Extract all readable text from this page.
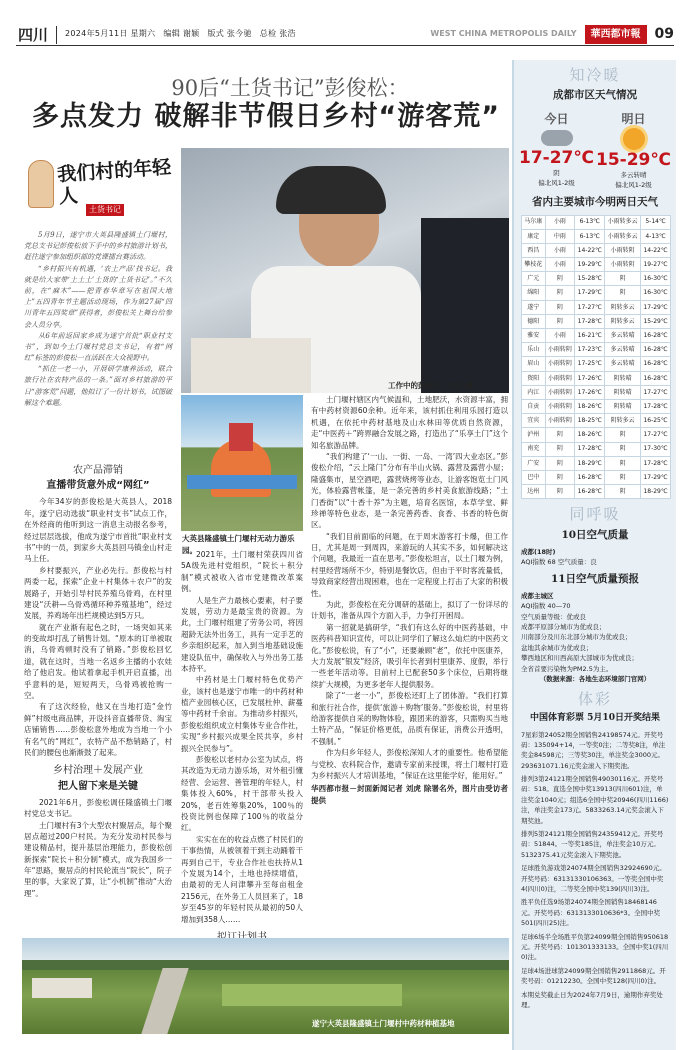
四川	2024年5月11日 星期六 编辑 谢颖 版式 张今驰 总检 张浩	WEST CHINA METROPOLIS DAILY	華西都市報	09
90后“土货书记”彭俊松：
多点发力 破解非节假日乡村“游客荒”
我们村的年轻人
土货书记

5月9日，遂宁市大英县隆盛镇土门堰村，党总支书记彭俊松放下手中的乡村旅游计划书，赶往遂宁参加组织部的党课擂台赛活动。

“乡村振兴有机遇，‘农土产品’找书记。我就是给大家带‘土土土’土货的‘土货书记’。”不久前，在“麻木”——把青春华章写在祖国大地上”五四青年节主题活动现场，作为第27届“四川青年五四奖章”获得者，彭俊松关上舞台给参会人员分享。

从6年前返回家乡成为遂宁首批“职业村支书”，到如今土门堰村党总支书记，有着“网红”标签的彭俊松一直活跃在大众视野中。

“抓住一老一小，开展研学康养活动，联合旅行社在农特产品的一条。”面对乡村旅游的平日“游客荒”问题，他拟订了一份计划书，试图破解这个难题。

农产品滞销
直播带货意外成“网红”

今年34岁的彭俊松是大英县人，2018年，遂宁启动选拔“职业村支书”试点工作，在外经商的他听到这一消息主动报名参考，经过层层选拔，他成为遂宁市首批“职业村支书”中的一员，到家乡大英县回马镇金山村走马上任。

乡村要振兴，产业必先行。彭俊松与村两委一起，探索“企业＋村集体＋农户”的发展路子，开始引导村民养殖乌骨鸡，在村里建设“沃耕—乌骨鸡循环种养殖基地”，经过发展，养鸡场年出栏规模达到5万只。

就在产业渐有起色之时，一场突如其来的变故却打乱了销售计划。“原本的订单被取消，乌骨鸡顿时没有了销路。”彭俊松回忆道，就在这时，当地一名返乡主播的小农娃给了他启发。他试着拿起手机开启直播，出乎意料的是，短短两天，乌骨鸡被抢购一空。

有了这次经验，他又在当地打造“金竹鲜”村级电商品牌，开设抖音直播带货、淘宝店铺销售……彭俊松意外地成为当地一个小有名气的“网红”，农特产品不愁销路了，村民们的腰包也渐渐鼓了起来。

乡村治理＋发展产业
把人留下来是关键

2021年6月，彭俊松调任隆盛镇土门堰村党总支书记。

土门堰村有3个大型农村聚居点，每个聚居点超过200户村民。为充分发动村民参与建设精品村，提升基层治理能力，彭俊松创新探索“院长＋积分制”模式，成为我国乡一年“思路，聚居点的村民轮流当“院长”，院子里的事，大家说了算，让“小机制”推动“大治理”。

工作中的彭俊松。刘虎 摄
大英县隆盛镇土门堰村无动力游乐园。 2021年，土门堰村荣获四川省5A级先进村党组织，“院长＋积分制”模式被收入省市党建微改革案例。

人是生产力最核心要素，村子要发展，劳动力是最宝贵的资源。为此，土门堰村组建了劳务公司，将因超龄无法外出务工，具有一定手艺的乡亲组织起来，加入到当地基础设施建设队伍中，确保收入与外出务工基本持平。

中药材是土门堰村特色优势产业，该村也是遂宁市唯一的中药材种植产业园核心区，已发展杜仲、薪蔓等中药材千余亩。为推动乡村振兴，彭俊松组织成立村集体专业合作社，实现“乡村振兴成果全民共享，乡村振兴全民参与”。

彭俊松以老村办公室为试点，将其改造为无动力游乐场，对外租引懂经营、会运营、善管理的年轻人，村集体投入60%，村干部带头投入20%，老百姓筹集20%，100％的投资比例也保障了100％的收益分红。

实实在在的收益点燃了村民们的干事热情，从被领着干到主动踊着干再到自己干，专业合作社也扶持从1个发展为14个，土地也持续增值，由最初的无人问津攀升至每亩租金2156元，在外务工人员回来了，18岁至45岁的年轻村民从最初的50人增加到358人……

土门堰村辖区内气候温和，土地肥沃，水资源丰富，拥有中药材资源60余种。近年来，该村抓住利用乐园打造以机遇，在依托中药材基地及山水林田等优质自然资源，走“中医药＋”跨界融合发展之路，打造出了“乐享土门”这个知名旅游品牌。

“我们构建了‘一山、一街、一岛、一湾’四大业态区。”彭俊松介绍，“云上隆门”分布有半山火锅、露营及露营小屋；隆盛集市，星空酒吧，露营烧烤等业态，让游客饱览土门风光，体验露营帐篷，是一条完善的乡村美食旅游线路；“土门香街”以“十香十养”为主题，培育名医馆，本草学堂、鲜珍禅等特色业态，是一条完善药香、食香、书香的特色街区。

“我们目前面临的问题，在于周末游客打卡爆，但工作日，尤其是周一到周四，来游玩的人其实不多，如何解决这个问题，我最近一直在思考。”彭俊松坦言，以土门堰为例，村里经营场所不少，特别是餐饮店，但由于平时客流量低，导致商家经营出现困难，也在一定程度上打击了大家的积极性。

为此，彭俊松在充分调研的基础上，拟订了一份详尽的计划书，准备从四个方面入手，力争打开困局。

第一招就是搞研学，“我们有这么好的中医药基础，中医药科普知识宣传，可以让同学们了解这么灿烂的中医药文化。”彭俊松说，有了“小”，还要兼顾“老”，依托中医康养，大力发展“银发”经济，吸引年长者到村里康养、度假，举行一些老年活动等。目前村上已配套50多个床位，后期将继续扩大规模，为更多老年人提供服务。

除了“一老一小”，彭俊松还盯上了团体游。“我们打算和旅行社合作，提供‘旅游＋购物’服务。”彭俊松说，村里将给游客提供自采的购物体验，跟团来的游客，只需购买当地土特产品，“保证价格更低，品质有保证，消费公开透明，不强制。”

作为归乡年轻人，彭俊松深知人才的重要性。他希望能与党校、农科院合作，邀请专家前来授课，将土门堰村打造为乡村振兴人才培训基地，“保证在这里能学好，能用好。”

华西都市报－封面新闻记者 刘虎 除署名外，图片由受访者提供

遂宁大英县隆盛镇土门堰村中药材种植基地
知冷暖
成都市区天气情况
今日
17-27℃
阴
偏北风1-2级
明日
15-29℃
多云转晴
偏北风1-2级
省内主要城市今明两日天气
马尔康	小雨	6-13℃	小雨转多云	5-14℃
康定	中雨	6-13℃	小雨转多云	4-13℃
西昌	小雨	14-22℃	小雨转阴	14-22℃
攀枝花	小雨	19-29℃	小雨转阴	19-27℃
广元	阴	15-28℃	阴	16-30℃
绵阳	阴	17-29℃	阴	16-30℃
遂宁	阴	17-27℃	阴转多云	17-29℃
德阳	阴	17-28℃	阴转多云	15-29℃
雅安	小雨	16-21℃	多云转晴	16-28℃
乐山	小雨转阴	17-23℃	多云转晴	16-28℃
眉山	小雨转阴	17-25℃	多云转晴	16-28℃
资阳	小雨转阴	17-26℃	阴转晴	16-28℃
内江	小雨转阴	17-26℃	阴转晴	17-27℃
自贡	小雨转阴	18-26℃	阴转晴	17-28℃
宜宾	小雨转阴	18-25℃	阴转多云	16-25℃
泸州	阴	18-26℃	阴	17-27℃
南充	阴	17-28℃	阴	17-30℃
广安	阴	18-29℃	阴	17-28℃
巴中	阴	16-28℃	阴	17-29℃
达州	阴	16-28℃	阴	18-29℃
同呼吸
10日空气质量

成都(18时)

AQI指数 68 空气质量：良

11日空气质量预报

成都主城区

AQI指数 40—70

空气质量等级：优或良

成都平原部分城市为优或良；

川南部分及川东北部分城市为优或良；

盆地其余城市为优或良；

攀西地区和川西高原大部城市为优或良；

全省首要污染物为PM2.5为主。

（数据来源：各地生态环境部门官网）

体彩
中国体育彩票 5月10日开奖结果

7星彩第24052期全国销售24198574元。开奖号码：135094+14，一等奖0注；二等奖8注，单注奖金84598元；三等奖30注，单注奖金3000元。293631071.16元奖金滚入下期奖池。

排列3第24121期全国销售49030116元。开奖号码：518。直选全国中奖13913(四川601)注，单注奖金1040元；组选6全国中奖20946(四川1166)注，单注奖金173元。5833263.14元奖金滚入下期奖池。

排列5第24121期全国销售24359412元。开奖号码：51844。一等奖185注，单注奖金10万元。5132375.41元奖金滚入下期奖池。

足球胜负游戏第24074期全国销售32924690元。开奖号码：63131330106363。一等奖全国中奖4(四川0)注，二等奖全国中奖139(四川3)注。

胜平负任选9场第24074期全国销售18468146元。开奖号码：6313133010636*3。全国中奖501(四川25)注。

足球6场半全场胜平负第24099期全国销售950618元。开奖号码：101301333133。全国中奖1(四川0)注。

足球4场进球第24099期全国销售2911868元。开奖号码：01212230。全国中奖128(四川0)注。

本期兑奖截止日为2024年7月9日，逾期作弃奖处理。
